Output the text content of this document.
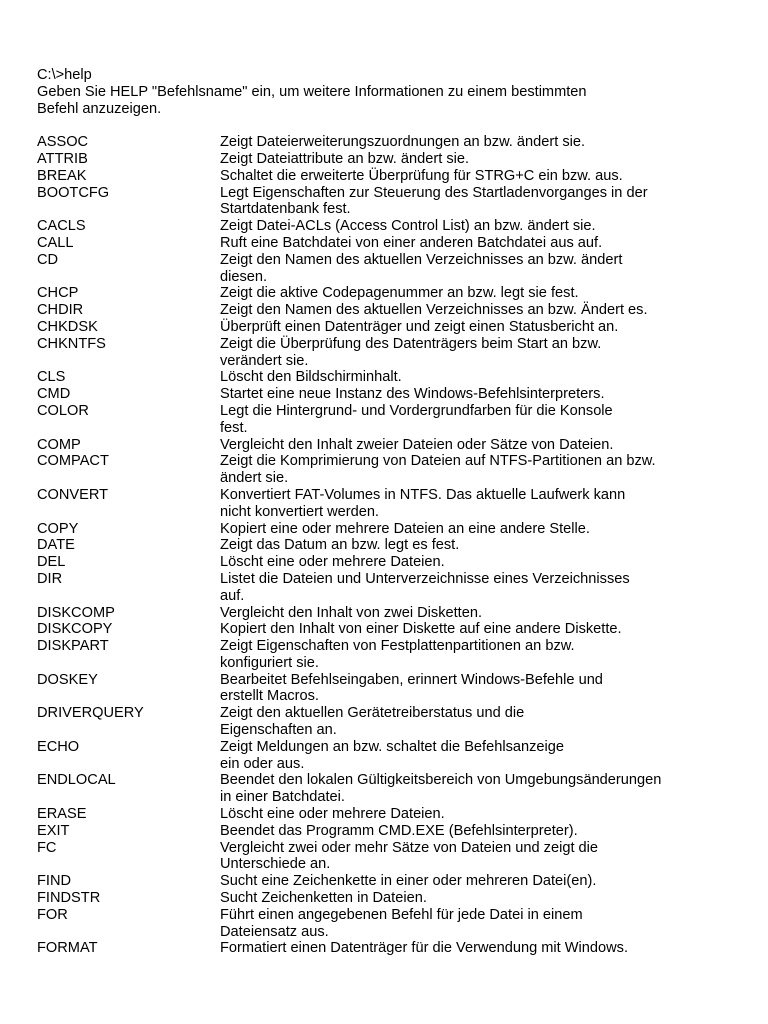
C:\>help

Geben Sie HELP "Befehlsname" ein, um weitere Informationen zu einem bestimmten
Befehl anzuzeigen.
ASSOC	Zeigt Dateierweiterungszuordnungen an bzw. ändert sie.
ATTRIB	Zeigt Dateiattribute an bzw. ändert sie.
BREAK	Schaltet die erweiterte Überprüfung für STRG+C ein bzw. aus.
BOOTCFG	Legt Eigenschaften zur Steuerung des Startladenvorganges in der
Startdatenbank fest.
CACLS	Zeigt Datei-ACLs (Access Control List) an bzw. ändert sie.
CALL	Ruft eine Batchdatei von einer anderen Batchdatei aus auf.
CD	Zeigt den Namen des aktuellen Verzeichnisses an bzw. ändert
diesen.
CHCP	Zeigt die aktive Codepagenummer an bzw. legt sie fest.
CHDIR	Zeigt den Namen des aktuellen Verzeichnisses an bzw. Ändert es.
CHKDSK	Überprüft einen Datenträger und zeigt einen Statusbericht an.
CHKNTFS	Zeigt die Überprüfung des Datenträgers beim Start an bzw.
verändert sie.
CLS	Löscht den Bildschirminhalt.
CMD	Startet eine neue Instanz des Windows-Befehlsinterpreters.
COLOR	Legt die Hintergrund- und Vordergrundfarben für die Konsole
fest.
COMP	Vergleicht den Inhalt zweier Dateien oder Sätze von Dateien.
COMPACT	Zeigt die Komprimierung von Dateien auf NTFS-Partitionen an bzw.
ändert sie.
CONVERT	Konvertiert FAT-Volumes in NTFS. Das aktuelle Laufwerk kann
nicht konvertiert werden.
COPY	Kopiert eine oder mehrere Dateien an eine andere Stelle.
DATE	Zeigt das Datum an bzw. legt es fest.
DEL	Löscht eine oder mehrere Dateien.
DIR	Listet die Dateien und Unterverzeichnisse eines Verzeichnisses
auf.
DISKCOMP	Vergleicht den Inhalt von zwei Disketten.
DISKCOPY	Kopiert den Inhalt von einer Diskette auf eine andere Diskette.
DISKPART	Zeigt Eigenschaften von Festplattenpartitionen an bzw.
konfiguriert sie.
DOSKEY	Bearbeitet Befehlseingaben, erinnert Windows-Befehle und
erstellt Macros.
DRIVERQUERY	Zeigt den aktuellen Gerätetreiberstatus und die
Eigenschaften an.
ECHO	Zeigt Meldungen an bzw. schaltet die Befehlsanzeige
ein oder aus.
ENDLOCAL	Beendet den lokalen Gültigkeitsbereich von Umgebungsänderungen
in einer Batchdatei.
ERASE	Löscht eine oder mehrere Dateien.
EXIT	Beendet das Programm CMD.EXE (Befehlsinterpreter).
FC	Vergleicht zwei oder mehr Sätze von Dateien und zeigt die
Unterschiede an.
FIND	Sucht eine Zeichenkette in einer oder mehreren Datei(en).
FINDSTR	Sucht Zeichenketten in Dateien.
FOR	Führt einen angegebenen Befehl für jede Datei in einem
Dateiensatz aus.
FORMAT	Formatiert einen Datenträger für die Verwendung mit Windows.
